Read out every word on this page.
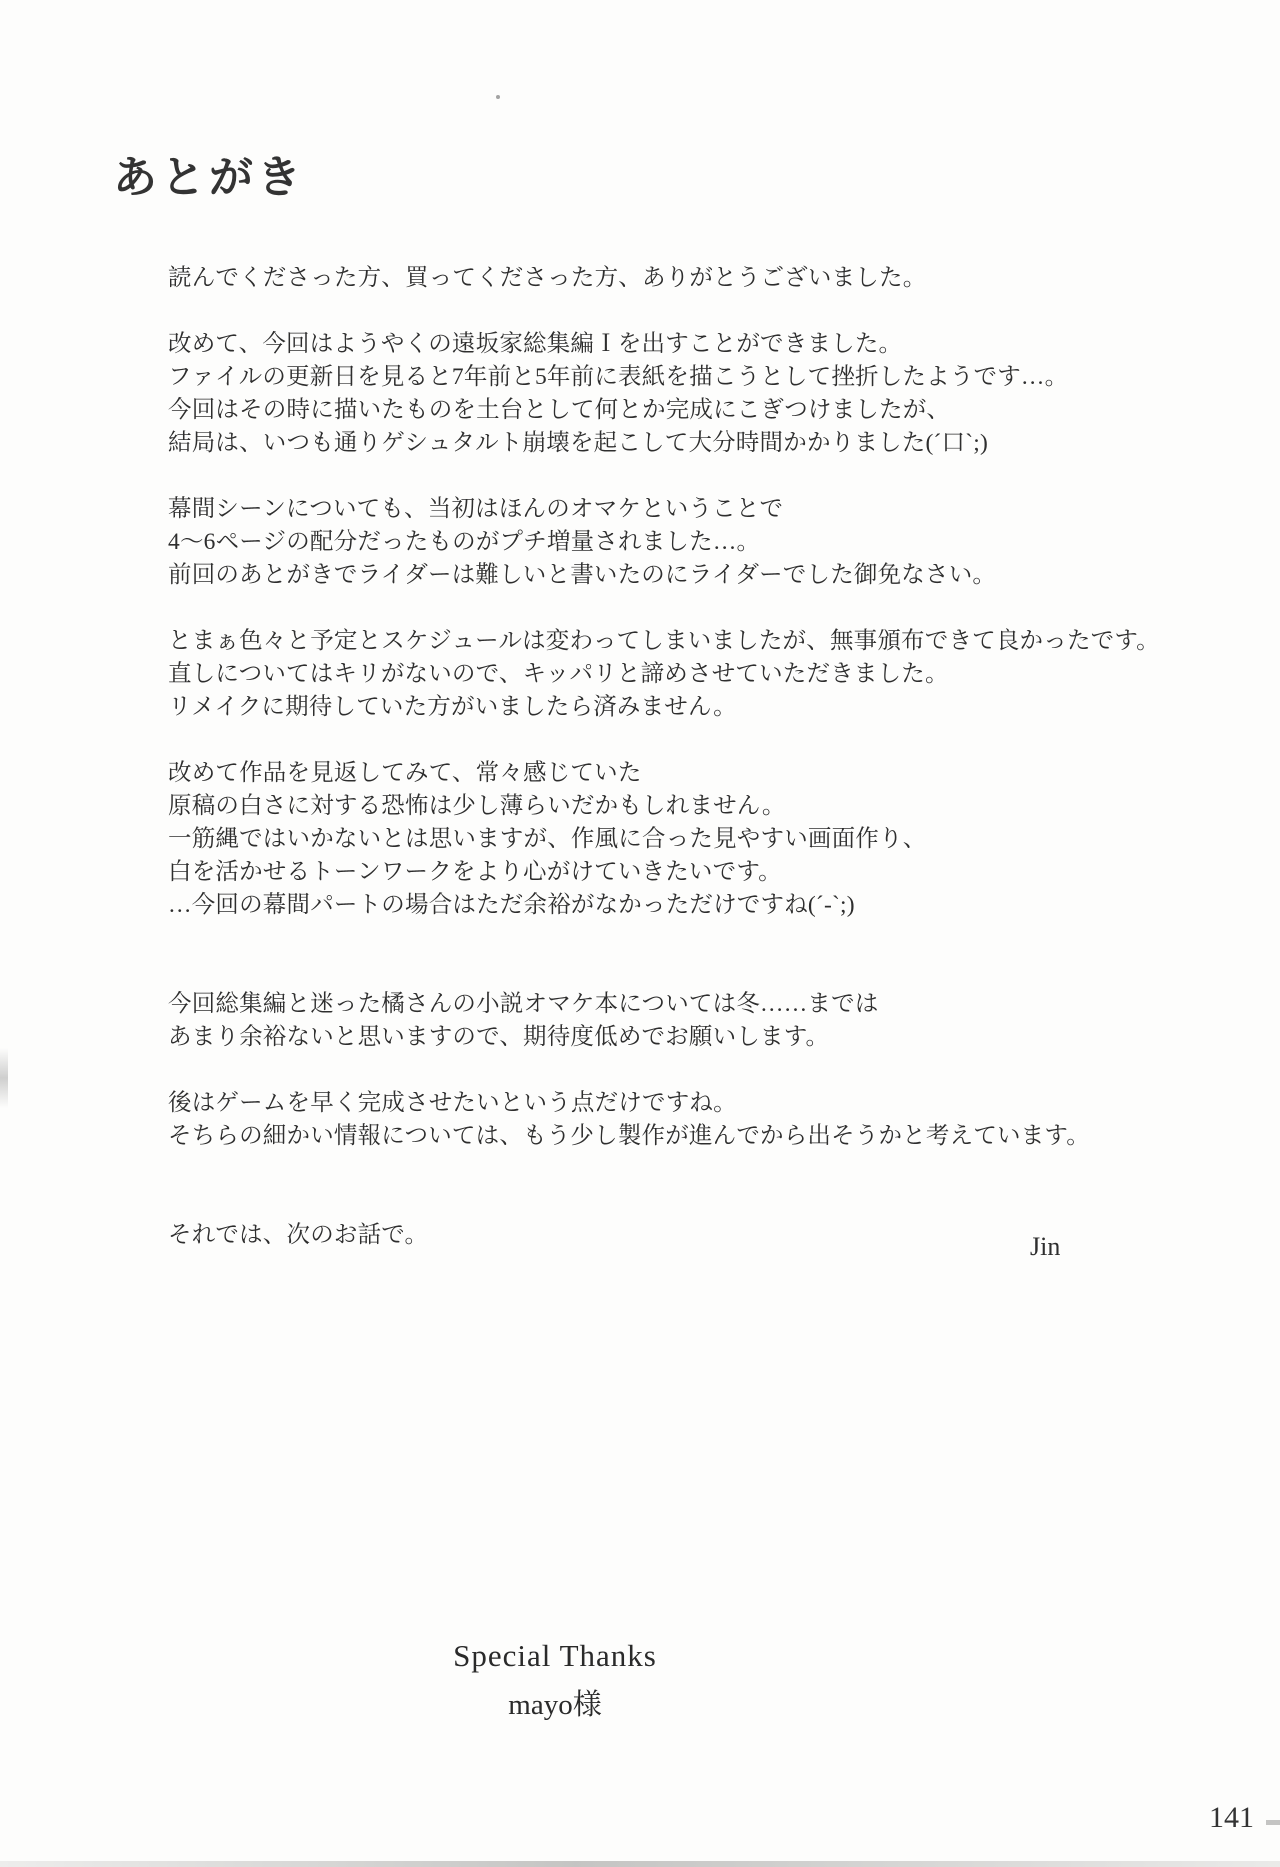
あとがき
読んでくださった方、買ってくださった方、ありがとうございました。
改めて、今回はようやくの遠坂家総集編Ｉを出すことができました。
ファイルの更新日を見ると7年前と5年前に表紙を描こうとして挫折したようです…。
今回はその時に描いたものを土台として何とか完成にこぎつけましたが、
結局は、いつも通りゲシュタルト崩壊を起こして大分時間かかりました(´口`;)
幕間シーンについても、当初はほんのオマケということで
4〜6ページの配分だったものがプチ増量されました…。
前回のあとがきでライダーは難しいと書いたのにライダーでした御免なさい。
とまぁ色々と予定とスケジュールは変わってしまいましたが、無事頒布できて良かったです。
直しについてはキリがないので、キッパリと諦めさせていただきました。
リメイクに期待していた方がいましたら済みません。
改めて作品を見返してみて、常々感じていた
原稿の白さに対する恐怖は少し薄らいだかもしれません。
一筋縄ではいかないとは思いますが、作風に合った見やすい画面作り、
白を活かせるトーンワークをより心がけていきたいです。
…今回の幕間パートの場合はただ余裕がなかっただけですね(´-`;)
今回総集編と迷った橘さんの小説オマケ本については冬……までは
あまり余裕ないと思いますので、期待度低めでお願いします。
後はゲームを早く完成させたいという点だけですね。
そちらの細かい情報については、もう少し製作が進んでから出そうかと考えています。
それでは、次のお話で。	Jin
Special Thanks
mayo様
141
